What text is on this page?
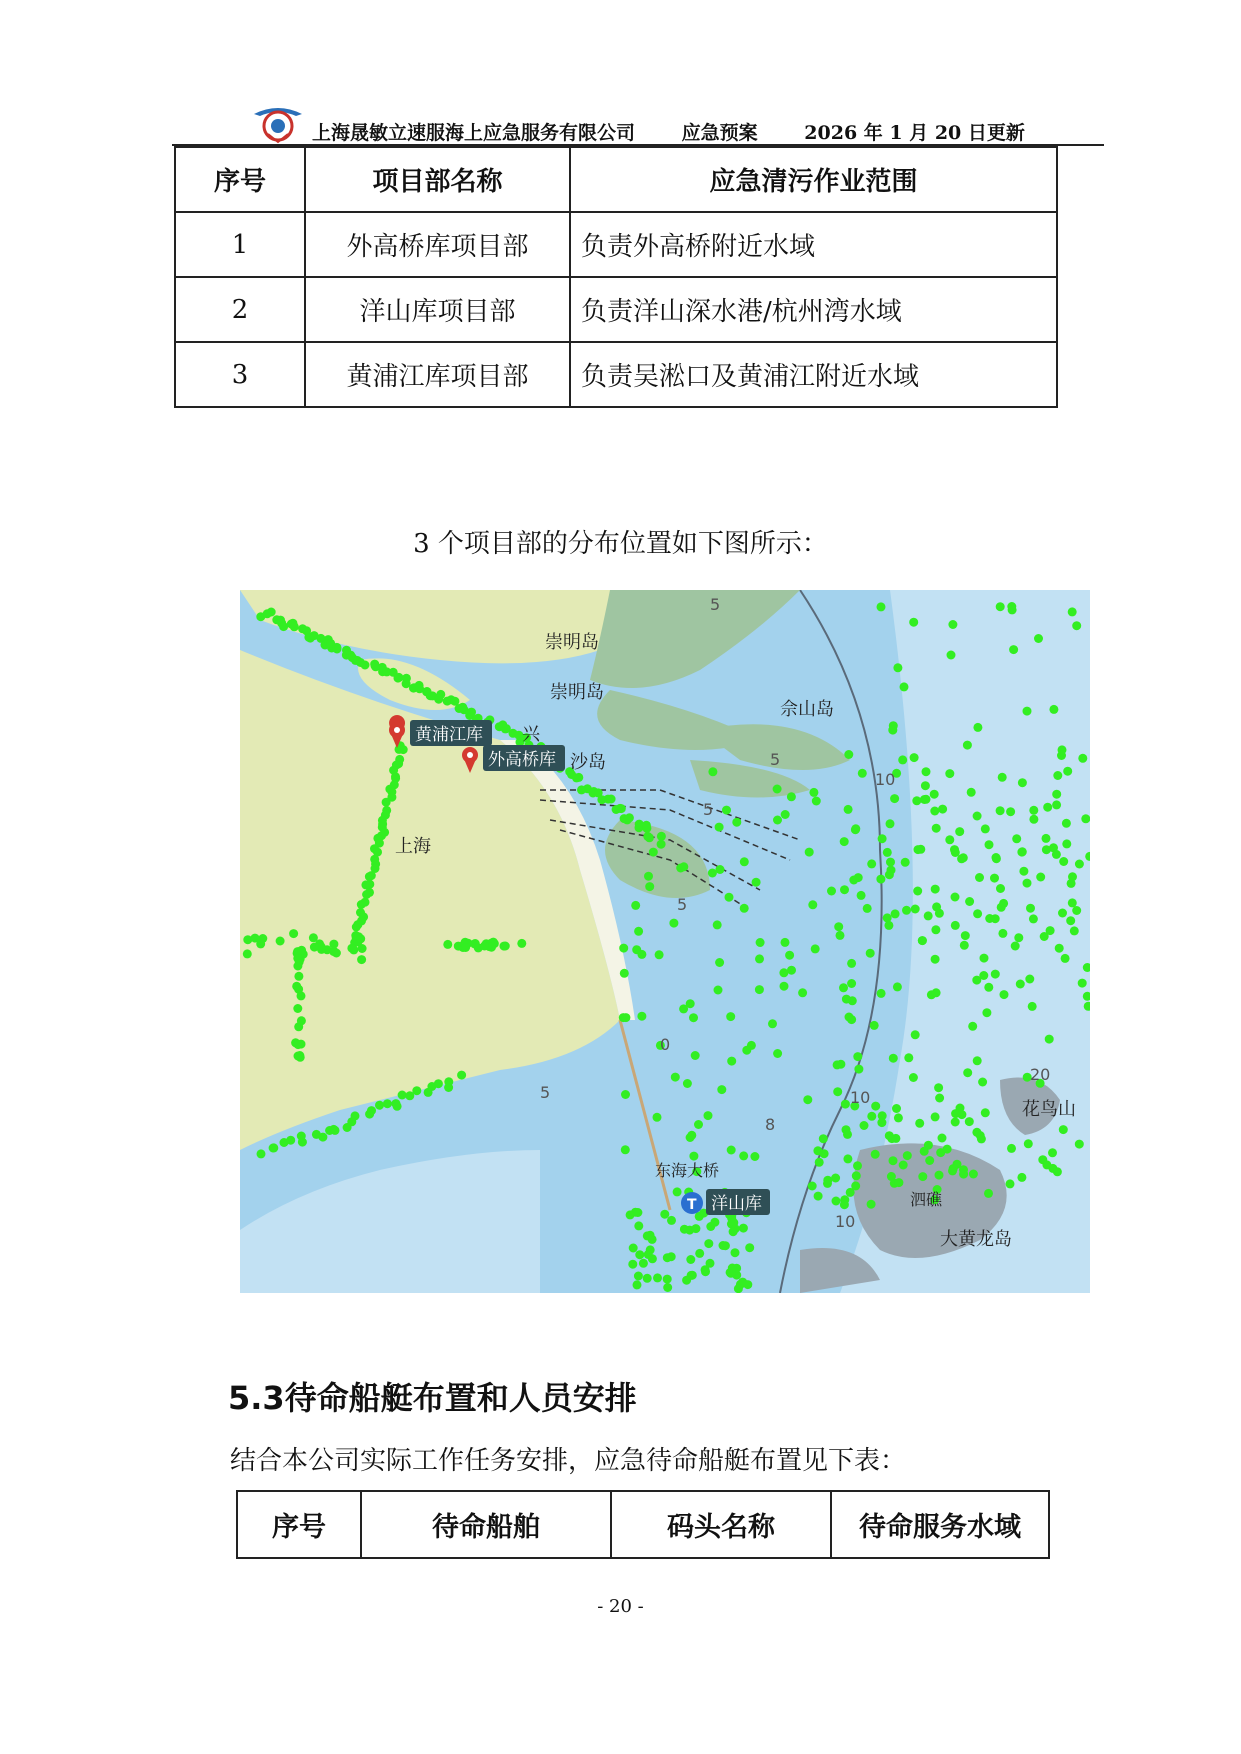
上海晟敏立速服海上应急服务有限公司 应急预案 2026 年 1 月 20 日更新
序号	项目部名称	应急清污作业范围
1	外高桥库项目部	负责外高桥附近水域
2	洋山库项目部	负责洋山深水港/杭州湾水域
3	黄浦江库项目部	负责吴淞口及黄浦江附近水域
3 个项目部的分布位置如下图所示：
崇明岛
崇明岛
佘山岛
兴
沙岛
上海
东海大桥
花鸟山
大黄龙岛
泗礁
5
5
5
5
10
0
5
8
10
10
20
黄浦江库
外高桥库
T 洋山库
5.3待命船艇布置和人员安排
结合本公司实际工作任务安排，应急待命船艇布置见下表：
序号	待命船舶	码头名称	待命服务水域
- 20 -
